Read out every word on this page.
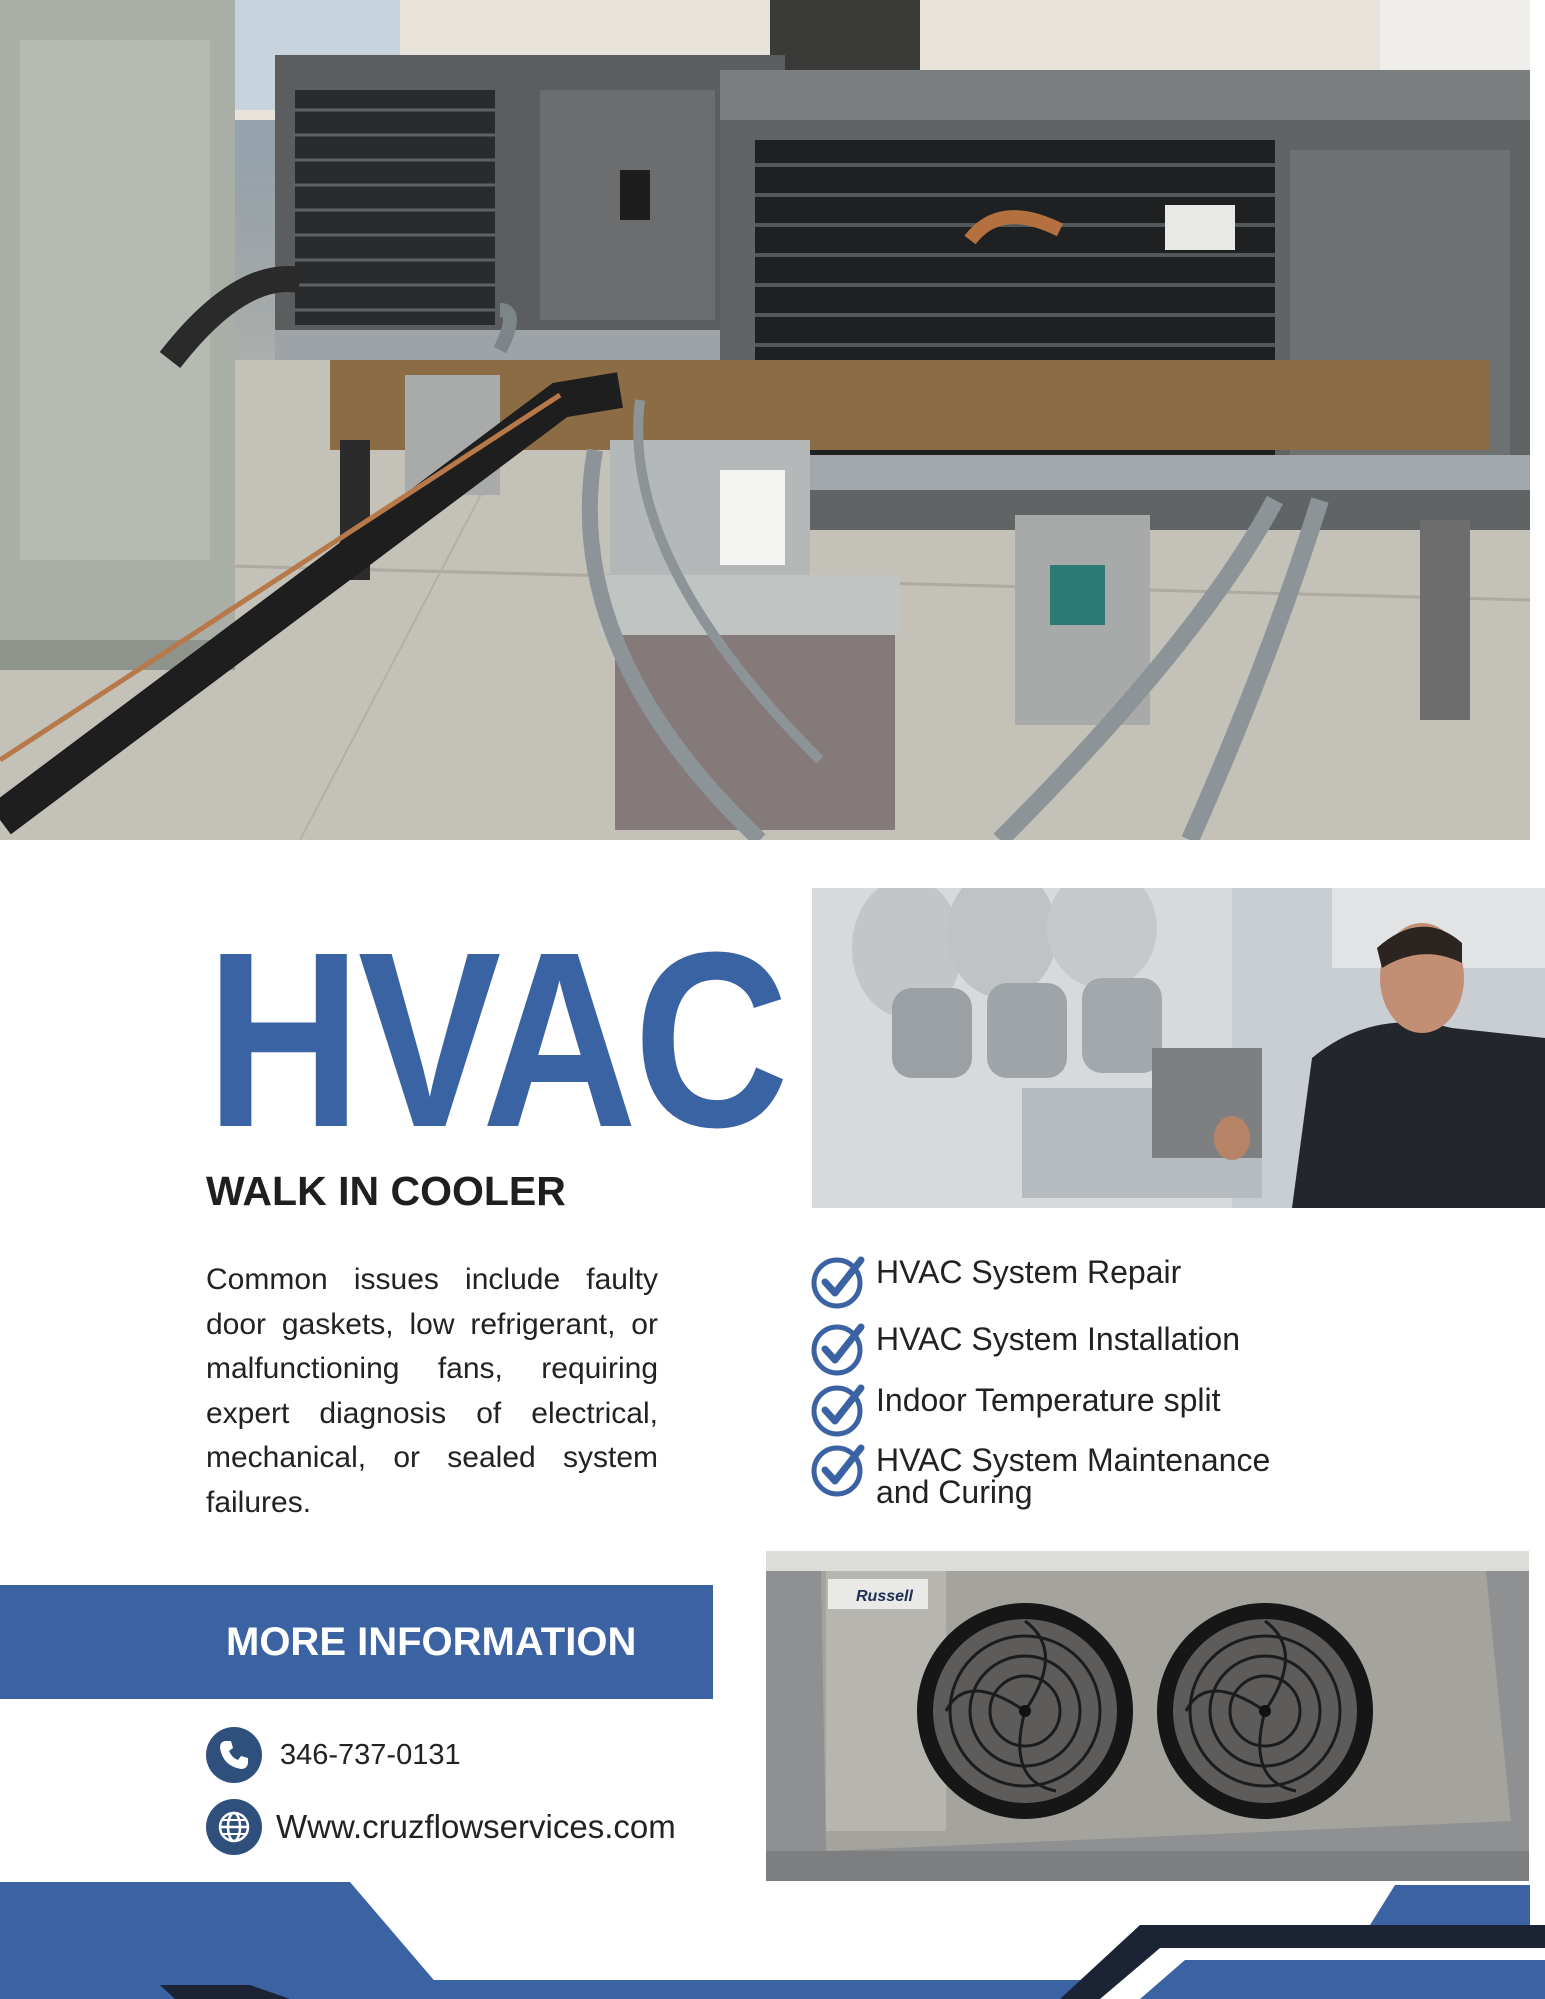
HVAC
WALK IN COOLER
Common issues include faulty door gaskets, low refrigerant, or malfunctioning fans, requiring expert diagnosis of electrical, mechanical, or sealed system failures.
HVAC System Repair
HVAC System Installation
Indoor Temperature split
HVAC System Maintenance and Curing
MORE INFORMATION
Russell
346-737-0131
Www.cruzflowservices.com
